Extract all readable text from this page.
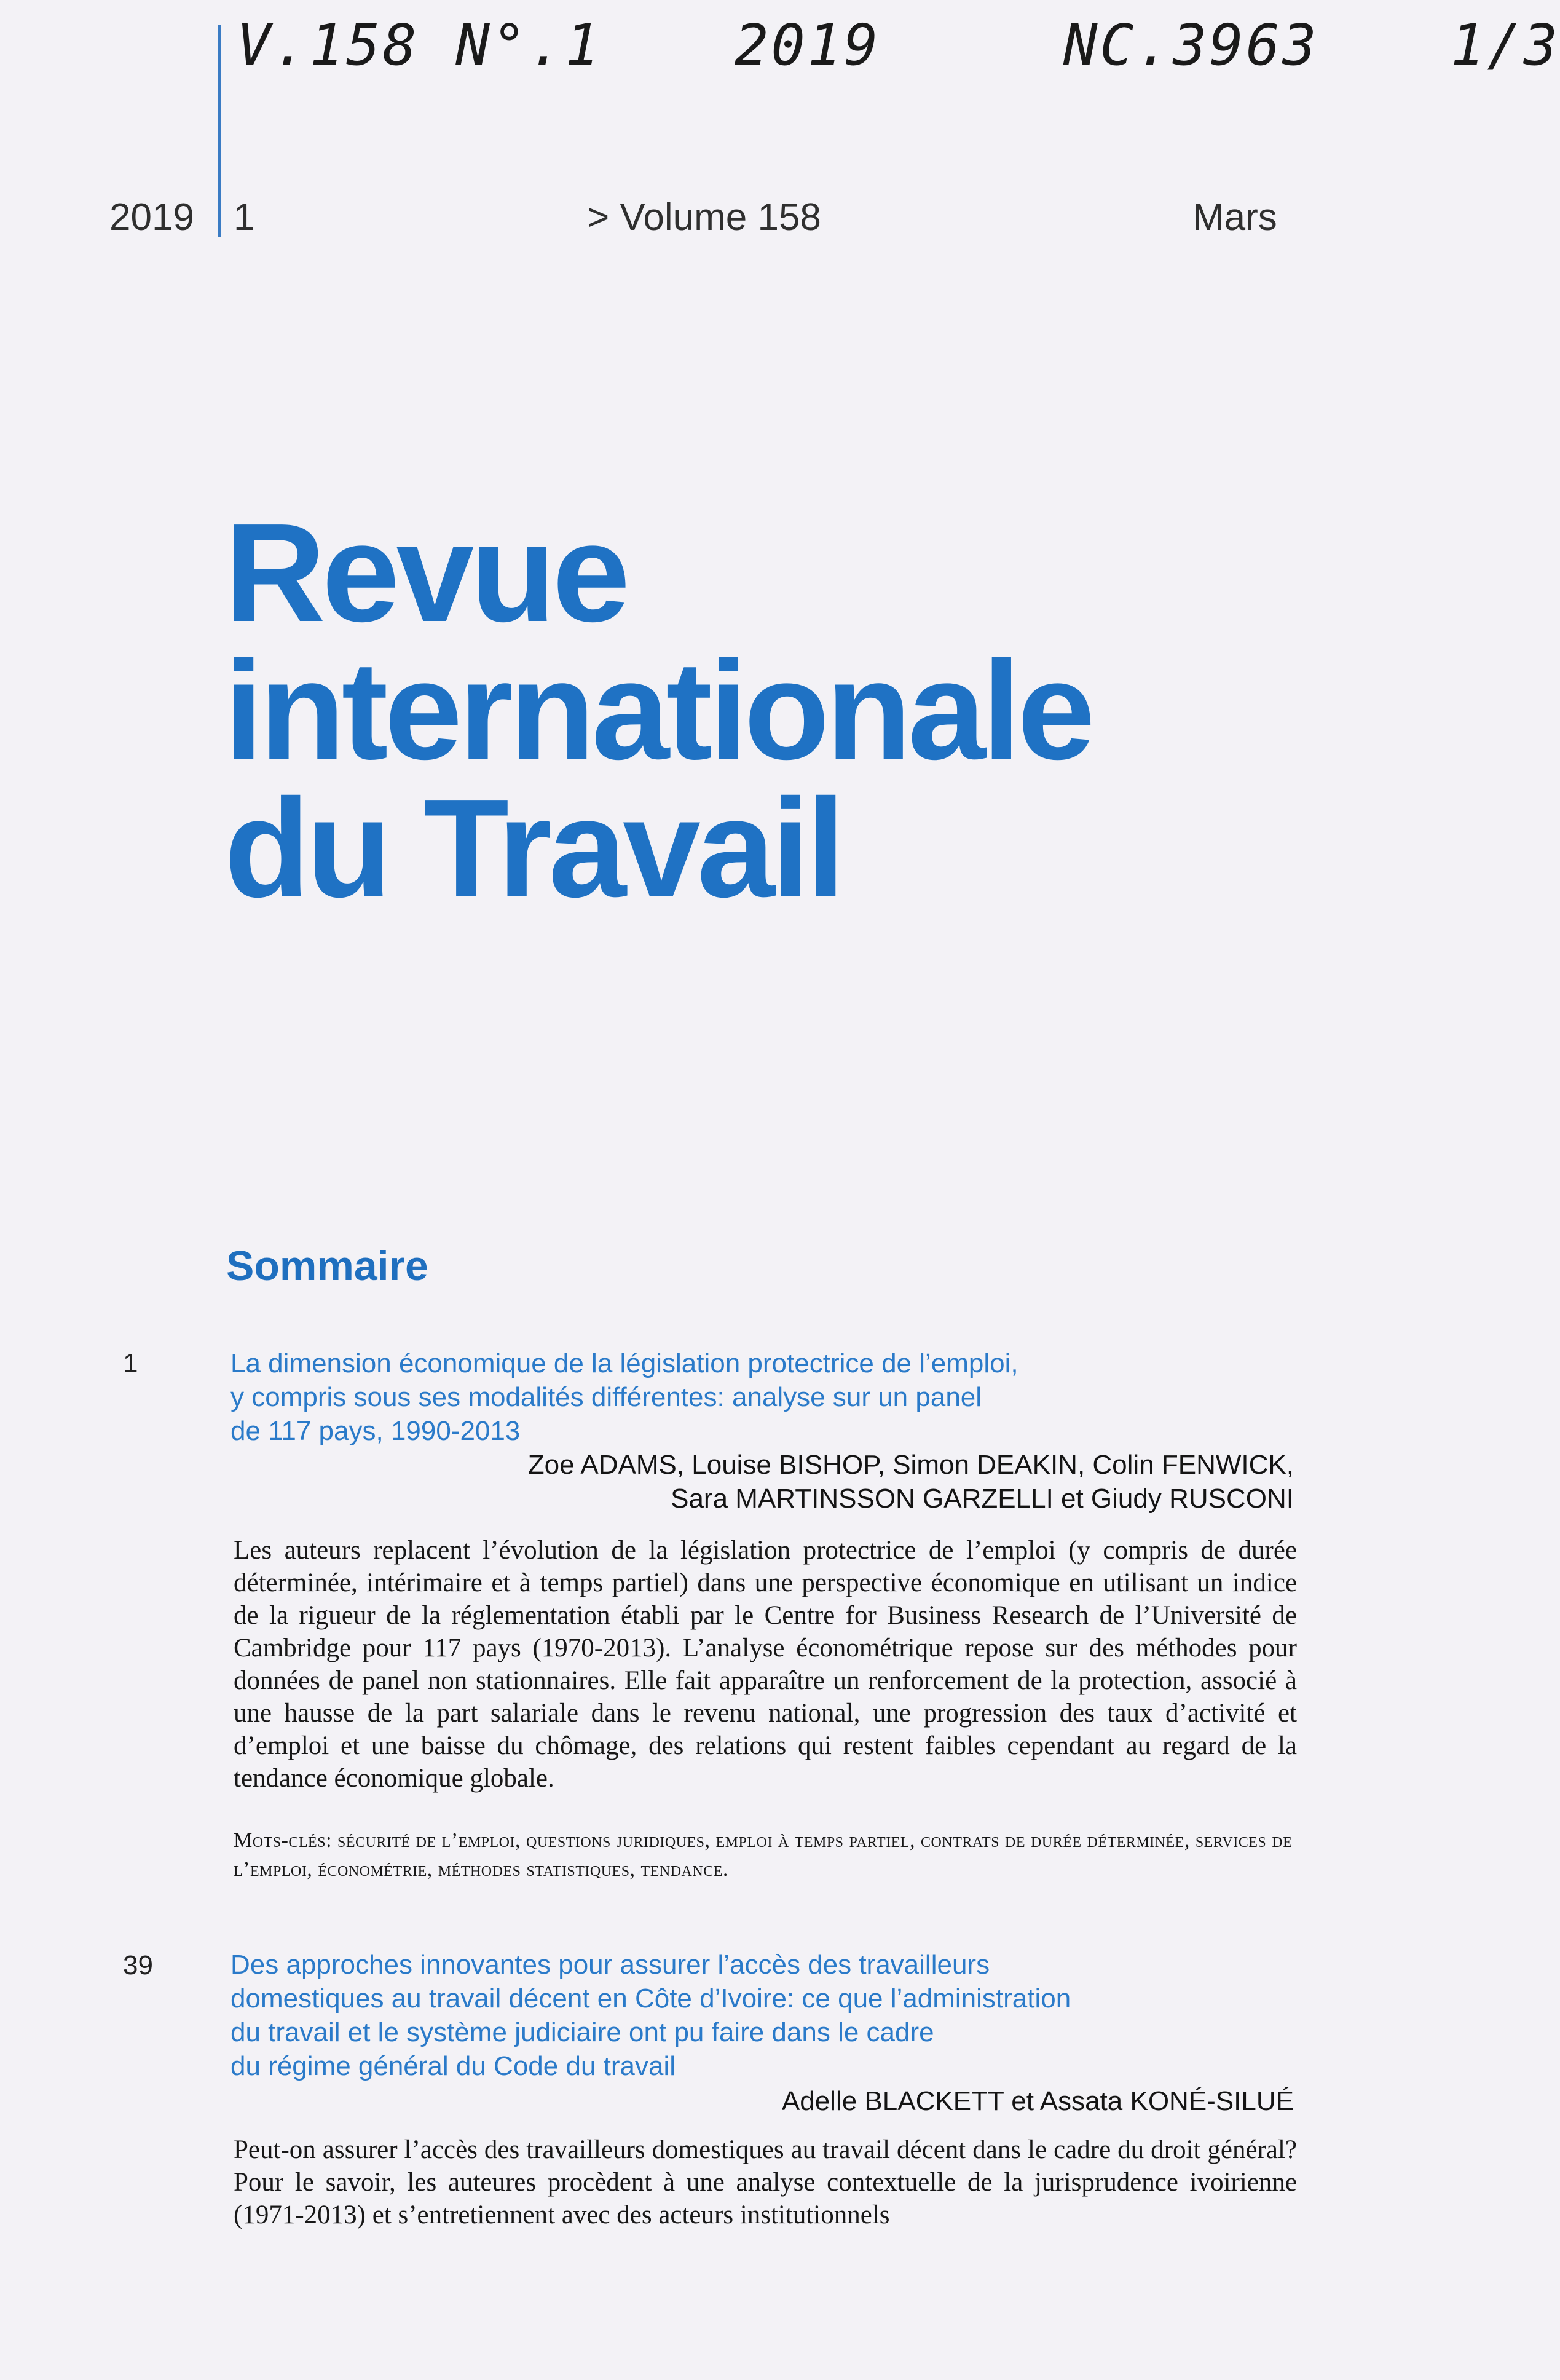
V.158 N°.1 2019	NC.3963 1/3
2019 1	> Volume 158	Mars
Revue
internationale
du Travail
Sommaire
1	La dimension économique de la législation protectrice de l’emploi,
y compris sous ses modalités différentes: analyse sur un panel
de 117 pays, 1990-2013
Zoe ADAMS, Louise BISHOP, Simon DEAKIN, Colin FENWICK,
Sara MARTINSSON GARZELLI et Giudy RUSCONI

Les auteurs replacent l’évolution de la législation protectrice de l’emploi (y compris de durée déterminée, intérimaire et à temps partiel) dans une perspective économique en utilisant un indice de la rigueur de la réglementation établi par le Centre for Business Research de l’Université de Cambridge pour 117 pays (1970-2013). L’analyse économétrique repose sur des méthodes pour données de panel non stationnaires. Elle fait apparaître un renforcement de la protection, associé à une hausse de la part salariale dans le revenu national, une progression des taux d’activité et d’emploi et une baisse du chômage, des relations qui restent faibles cependant au regard de la tendance économique globale.

Mots-clés: sécurité de l’emploi, questions juridiques, emploi à temps partiel, contrats de durée déterminée, services de l’emploi, économétrie, méthodes statistiques, tendance.

39	Des approches innovantes pour assurer l’accès des travailleurs
domestiques au travail décent en Côte d’Ivoire: ce que l’administration
du travail et le système judiciaire ont pu faire dans le cadre
du régime général du Code du travail
Adelle BLACKETT et Assata KONÉ-SILUÉ

Peut-on assurer l’accès des travailleurs domestiques au travail décent dans le cadre du droit général? Pour le savoir, les auteures procèdent à une analyse contextuelle de la jurisprudence ivoirienne (1971-2013) et s’entretiennent avec des acteurs institutionnels
